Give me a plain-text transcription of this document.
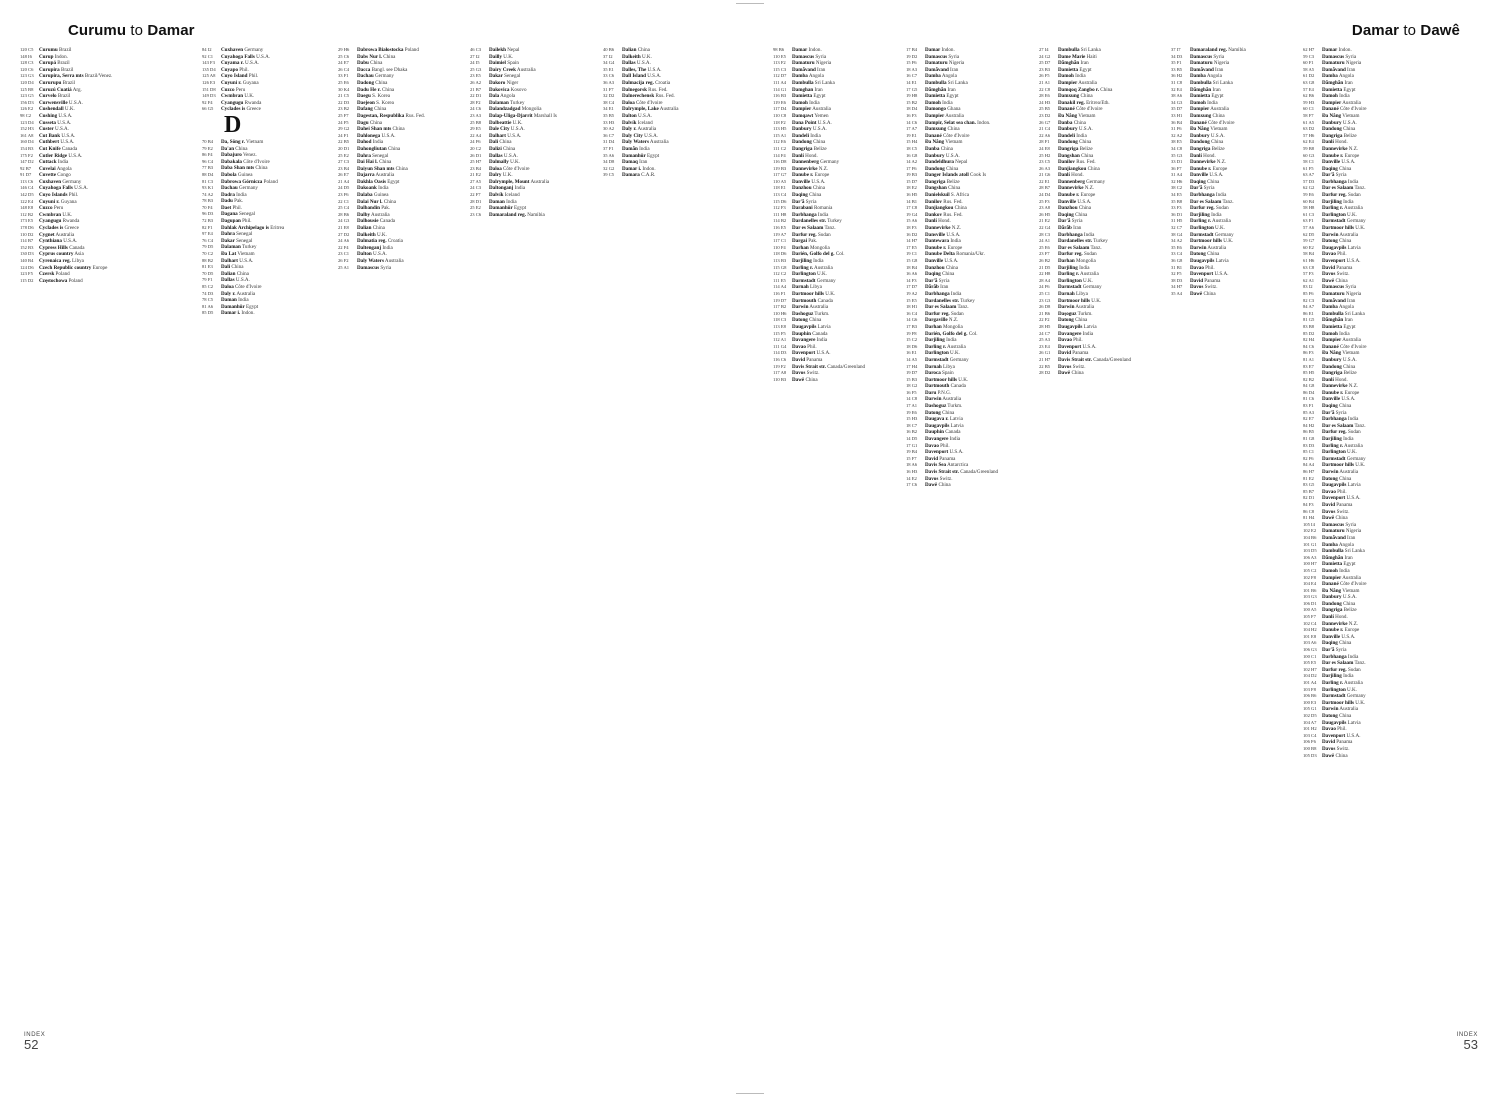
Curumu to Damar
120 C5 Curumu Brazil
148 I6 Curup Indon.
128 C3 Curupá Brazil
120 C6 Curupira Brazil
123 G3 Curupira, Serra mts Brazil/Venez.
120 D4 Cururupu Brazil
125 B8 Curuzú Cuatiá Arg.
123 G5 Curvelo Brazil
156 D3 Curwensville U.S.A.
126 E2 Cushendall U.K.
98 C2 Cushing U.S.A.
123 D4 Cusseta U.S.A.
152 H3 Custer U.S.A.
161 A8 Cut Bank U.S.A.
160 D4 Cuthbert U.S.A.
154 B3 Cut Knife Canada
175 F2 Cutler Ridge U.S.A.
147 D2 Cuttack India
92 B7 Cuvelai Angola
91 D7 Cuvette Congo
113 C6 Cuxhaven Germany
146 C4 Cuyahoga Falls U.S.A.
142 D5 Cuyo Islands Phil.
122 E4 Cuyuni r. Guyana
148 E8 Cuzco Peru
112 B2 Cwmbran U.K.
173 E5 Cyangugu Rwanda
178 D6 Cyclades is Greece
110 D2 Cygnet Australia
114 B7 Cynthiana U.S.A.
152 B3 Cypress Hills Canada
130 D3 Cyprus country Asia
140 B4 Cyrenaica reg. Libya
124 D6 Czech Republic country Europe
123 F5 Czersk Poland
115 D2 Częstochowa Poland
84 I2 Cuxhaven Germany
92 C1 Cuyahoga Falls U.S.A.
143 F3 Cuyama r. U.S.A.
135 D4 Cuyapo Phil.
125 A8 Cuyo Island Phil.
126 E3 Cuyuni r. Guyana
151 D8 Cuzco Peru
149 D3 Cwmbran U.K.
92 F4 Cyangugu Rwanda
66 G5 Cyclades is Greece
D
70 B4 Da, Sông r. Vietnam
79 E2 Da'an China
86 F4 Dabajuro Venez.
96 C4 Dabakala Côte d'Ivoire
77 B3 Daba Shan mts China
88 D4 Dabola Guinea
81 C3 Dabrowa Górnicza Poland
93 K1 Dachau Germany
74 A2 Dadra India
78 B3 Dadu Pak.
70 F4 Daet Phil.
96 D3 Dagana Senegal
72 B3 Dagupan Phil.
82 F1 Dahlak Archipelago is Eritrea
97 E4 Dahra Senegal
76 C4 Dakar Senegal
79 D5 Dalaman Turkey
70 C2 Đa Lat Vietnam
88 B2 Dalhart U.S.A.
81 E3 Dali China
70 D5 Dalian China
79 F1 Dallas U.S.A.
85 C2 Daloa Côte d'Ivoire
74 D3 Daly r. Australia
78 C5 Daman India
81 A6 Damanhûr Egypt
85 D5 Damar i. Indon.
29 H6 Dabrowa Białostocka Poland
25 C6 Dabs Nur l. China
24 E7 Dabu China
26 C4 Dacca Bangl. see Dhaka
33 F1 Dachau Germany
25 E6 Dadong China
30 K4 Dadu He r. China
21 C5 Daegu S. Korea
22 D3 Daejeon S. Korea
23 B2 Dafang China
25 F7 Dagestan, Respublika Rus. Fed.
24 F5 Dagu China
29 G2 Dahei Shan mts China
24 F1 Dahlonega U.S.A.
22 B5 Dahod India
20 D1 Dahongliutan China
25 E2 Dahra Senegal
27 C3 Dai Hai l. China
23 B4 Daiyun Shan mts China
26 E7 Dajarra Australia
21 A4 Dakhla Oasis Egypt
24 D5 Dakoank India
23 F6 Dalaba Guinea
22 C1 Dalai Nur l. China
25 C4 Dalbandin Pak.
28 B6 Dalby Australia
24 G3 Dalhousie Canada
21 E8 Dalian China
27 D2 Dalkeith U.K.
24 A6 Dalmatia reg. Croatia
22 F4 Daltenganj India
23 C1 Dalton U.S.A.
26 F2 Daly Waters Australia
25 A1 Damascus Syria
46 C3 Dailekh Nepal
27 I2 Dailly U.K.
24 I5 Daimiel Spain
25 G3 Dairy Creek Australia
23 E5 Dakar Senegal
26 A2 Dakoro Niger
21 B7 Dakovica Kosovo
22 D1 Dala Angola
28 F2 Dalaman Turkey
24 C6 Dalandzadgad Mongolia
23 A3 Dalap-Uliga-Djarrit Marshall Is
25 B8 Dalbeattie U.K.
29 E5 Dale City U.S.A.
22 A4 Dalhart U.S.A.
24 F6 Dali China
20 C2 Dalizi China
26 D1 Dallas U.S.A.
25 H7 Dalmally U.K.
23 B4 Daloa Côte d'Ivoire
21 E2 Dalry U.K.
27 A5 Dalrymple, Mount Australia
24 C3 Daltonganj India
22 F7 Dalvík Iceland
28 D1 Daman India
25 E2 Damanhûr Egypt
23 C6 Damaraland reg. Namibia
40 B6 Dalian China
37 I2 Dalkeith U.K.
34 G4 Dallas U.S.A.
35 E1 Dalles, The U.S.A.
33 C6 Dall Island U.S.A.
36 A3 Dalmacija reg. Croatia
31 F7 Dalnegorsk Rus. Fed.
32 D2 Dalnerechensk Rus. Fed.
38 C4 Daloa Côte d'Ivoire
34 E1 Dalrymple, Lake Australia
35 B5 Dalton U.S.A.
33 H3 Dalvík Iceland
30 A2 Daly r. Australia
36 C7 Daly City U.S.A.
31 D4 Daly Waters Australia
37 F1 Damān India
35 A6 Damanhûr Egypt
34 D8 Damaq Iran
32 G2 Damar i. Indon.
39 C5 Damara C.A.R.
INDEX
52
Damar to Dawê
98 B6 Damar Indon.
110 E5 Damascus Syria
113 F2 Damaturu Nigeria
115 C3 Damāvand Iran
112 D7 Damba Angola
111 A4 Dambulla Sri Lanka
114 G1 Damghan Iran
116 B3 Damietta Egypt
119 E6 Damoh India
117 D4 Dampier Australia
110 C8 Damqawt Yemen
118 F2 Dana Point U.S.A.
113 H5 Danbury U.S.A.
115 A1 Dandeli India
112 E6 Dandong China
111 C2 Dangriga Belize
114 F4 Danlí Hond.
116 D8 Dannenberg Germany
119 B3 Dannevirke N.Z.
117 G7 Danube r. Europe
110 A5 Danville U.S.A.
118 E1 Danzhou China
113 C4 Daqing China
115 D6 Dar'ā Syria
112 F3 Darabani Romania
111 H8 Darbhanga India
114 B2 Dardanelles str. Turkey
116 E5 Dar es Salaam Tanz.
119 A7 Darfur reg. Sudan
117 C1 Dargai Pak.
110 F4 Darhan Mongolia
118 D6 Darién, Golfo del g. Col.
113 B3 Darjiling India
115 G8 Darling r. Australia
112 C2 Darlington U.K.
111 E5 Darmstadt Germany
114 A4 Darnah Libya
116 F1 Dartmoor hills U.K.
119 D7 Dartmouth Canada
117 B2 Darwin Australia
110 H6 Dashoguz Turkm.
118 C3 Datong China
113 E8 Daugavpils Latvia
115 F5 Dauphin Canada
112 A1 Davangere India
111 G4 Davao Phil.
114 D3 Davenport U.S.A.
116 C6 David Panama
119 F2 Davis Strait str. Canada/Greenland
117 A8 Davos Switz.
110 B3 Dawê China
17 B4 Damar Indon.
19 D2 Damascus Syria
15 F6 Damaturu Nigeria
18 A3 Damāvand Iran
16 C7 Damba Angola
14 E1 Dambulla Sri Lanka
17 G5 Dāmghān Iran
19 H8 Damietta Egypt
15 B2 Damoh India
18 D4 Damongo Ghana
16 F3 Dampier Australia
14 C6 Dampir, Selat sea chan. Indon.
17 A7 Damxung China
19 E1 Danané Côte d'Ivoire
15 H4 Đa Năng Vietnam
18 C5 Danba China
16 G8 Danbury U.S.A.
14 A2 Dandeldhura Nepal
17 F6 Dandong China
19 B3 Danger Islands atoll Cook Is
15 D7 Dangriga Belize
18 E2 Dangshan China
16 H5 Danielskuil S. Africa
14 B1 Danilov Rus. Fed.
17 C8 Danjiangkou China
19 G4 Dankov Rus. Fed.
15 A6 Danlí Hond.
18 F3 Dannevirke N.Z.
16 D2 Dansville U.S.A.
14 H7 Dantewara India
17 E5 Danube r. Europe
19 C1 Danube Delta Romania/Ukr.
15 G8 Danville U.S.A.
18 B4 Danzhou China
16 A6 Daqing China
14 F3 Dar'ā Syria
17 D7 Dārāb Iran
19 A2 Darbhanga India
15 E5 Dardanelles str. Turkey
18 H1 Dar es Salaam Tanz.
16 C4 Darfur reg. Sudan
14 G6 Dargaville N.Z.
17 B3 Darhan Mongolia
19 F8 Darién, Golfo del g. Col.
15 C2 Darjiling India
18 D6 Darling r. Australia
16 E1 Darlington U.K.
14 A5 Darmstadt Germany
17 H4 Darnah Libya
19 D7 Daroca Spain
15 B3 Dartmoor hills U.K.
18 G2 Dartmouth Canada
16 F5 Daru P.N.G.
14 C8 Darwin Australia
17 A1 Dashoguz Turkm.
19 E6 Datong China
15 H3 Daugava r. Latvia
18 C7 Daugavpils Latvia
16 B2 Dauphin Canada
14 D5 Davangere India
17 G1 Davao Phil.
19 B4 Davenport U.S.A.
15 F7 David Panama
18 A6 Davis Sea Antarctica
16 H3 Davis Strait str. Canada/Greenland
14 E2 Davos Switz.
17 C6 Dawê China
27 I4 Dambulla Sri Lanka
24 G2 Dame Marie Haiti
25 D7 Dāmghān Iran
23 B3 Damietta Egypt
26 F5 Damoh India
21 A1 Dampier Australia
22 C8 Damqoq Zangbo r. China
28 E6 Damxung China
24 H3 Danakil reg. Eritrea/Eth.
25 B5 Danané Côte d'Ivoire
23 D2 Đa Năng Vietnam
26 G7 Danba China
21 C4 Danbury U.S.A.
22 A6 Dandeli India
28 F1 Dandong China
24 E8 Dangriga Belize
25 H2 Dangshan China
23 C5 Danilov Rus. Fed.
26 A3 Danjiangkou China
21 G6 Danlí Hond.
22 E1 Dannenberg Germany
28 B7 Dannevirke N.Z.
24 D4 Danube r. Europe
25 F3 Danville U.S.A.
23 A8 Danzhou China
26 H5 Daqing China
21 E2 Dar'ā Syria
22 G4 Dārāb Iran
28 C3 Darbhanga India
24 A1 Dardanelles str. Turkey
25 E6 Dar es Salaam Tanz.
23 F7 Darfur reg. Sudan
26 B2 Darhan Mongolia
21 D5 Darjiling India
22 H8 Darling r. Australia
28 A4 Darlington U.K.
24 F6 Darmstadt Germany
25 C1 Darnah Libya
23 G3 Dartmoor hills U.K.
26 D8 Darwin Australia
21 B6 Daşoguz Turkm.
22 F2 Datong China
28 H5 Daugavpils Latvia
24 C7 Davangere India
25 A3 Davao Phil.
23 E4 Davenport U.S.A.
26 G1 David Panama
21 H7 Davis Strait str. Canada/Greenland
22 B5 Davos Switz.
28 D2 Dawê China
37 I7 Damaraland reg. Namibia
34 D3 Damascus Syria
35 F1 Damaturu Nigeria
33 B5 Damāvand Iran
36 H2 Damba Angola
31 C8 Dambulla Sri Lanka
32 E4 Dāmghān Iran
38 A6 Damietta Egypt
34 G3 Damoh India
35 D7 Dampier Australia
33 H1 Damxung China
36 B4 Danané Côte d'Ivoire
31 F6 Đa Năng Vietnam
32 A2 Danbury U.S.A.
38 E5 Dandong China
34 C8 Dangriga Belize
35 G3 Danlí Hond.
33 D1 Dannevirke N.Z.
36 F7 Danube r. Europe
31 A4 Danville U.S.A.
32 H6 Daqing China
38 C2 Dar'ā Syria
34 E5 Darbhanga India
35 B8 Dar es Salaam Tanz.
33 F3 Darfur reg. Sudan
36 D1 Darjiling India
31 H5 Darling r. Australia
32 C7 Darlington U.K.
38 G4 Darmstadt Germany
34 A2 Dartmoor hills U.K.
35 E6 Darwin Australia
33 C4 Datong China
36 G8 Daugavpils Latvia
31 B1 Davao Phil.
32 F5 Davenport U.S.A.
38 D3 David Panama
34 H7 Davos Switz.
35 A4 Dawê China
62 H7 Damar Indon.
59 C3 Damascus Syria
60 F1 Damaturu Nigeria
58 A5 Damāvand Iran
61 D2 Damba Angola
63 G8 Dāmghān Iran
57 E4 Damietta Egypt
62 B6 Damoh India
59 H3 Dampier Australia
60 C1 Danané Côte d'Ivoire
58 F7 Đa Năng Vietnam
61 A5 Danbury U.S.A.
63 D2 Dandong China
57 H6 Dangriga Belize
62 E4 Danlí Hond.
59 B8 Dannevirke N.Z.
60 G3 Danube r. Europe
58 C1 Danville U.S.A.
61 F5 Daqing China
63 A7 Dar'ā Syria
57 D3 Darbhanga India
62 G2 Dar es Salaam Tanz.
59 E6 Darfur reg. Sudan
60 B4 Darjiling India
58 H8 Darling r. Australia
61 C3 Darlington U.K.
63 F1 Darmstadt Germany
57 A6 Dartmoor hills U.K.
62 D5 Darwin Australia
59 G7 Datong China
60 E2 Daugavpils Latvia
58 B4 Davao Phil.
61 H6 Davenport U.S.A.
63 C8 David Panama
57 F3 Davos Switz.
62 A1 Dawê China
83 I2 Damascus Syria
85 F6 Damaturu Nigeria
82 C3 Damāvand Iran
84 A7 Damba Angola
86 E1 Dambulla Sri Lanka
81 G5 Dāmghān Iran
83 B8 Damietta Egypt
85 D2 Damoh India
82 H4 Dampier Australia
84 C6 Danané Côte d'Ivoire
86 F3 Đa Năng Vietnam
81 A1 Danbury U.S.A.
83 E7 Dandong China
85 H5 Dangriga Belize
82 B2 Danlí Hond.
84 G8 Dannevirke N.Z.
86 D4 Danube r. Europe
81 C6 Danville U.S.A.
83 F1 Daqing China
85 A3 Dar'ā Syria
82 E7 Darbhanga India
84 H2 Dar es Salaam Tanz.
86 B5 Darfur reg. Sudan
81 G8 Darjiling India
83 D3 Darling r. Australia
85 C1 Darlington U.K.
82 F6 Darmstadt Germany
84 A4 Dartmoor hills U.K.
86 H7 Darwin Australia
81 E2 Datong China
83 G5 Daugavpils Latvia
85 B7 Davao Phil.
82 D1 Davenport U.S.A.
84 F3 David Panama
86 C8 Davos Switz.
81 H4 Dawê China
105 I4 Damascus Syria
102 E2 Damaturu Nigeria
104 B6 Damāvand Iran
101 G1 Damba Angola
103 D5 Dambulla Sri Lanka
106 A3 Dāmghān Iran
100 H7 Damietta Egypt
105 C2 Damoh India
102 F8 Dampier Australia
104 E4 Danané Côte d'Ivoire
101 B6 Đa Năng Vietnam
103 G3 Danbury U.S.A.
106 D1 Dandong China
100 A5 Dangriga Belize
105 F7 Danlí Hond.
102 C4 Dannevirke N.Z.
104 H2 Danube r. Europe
101 E8 Danville U.S.A.
103 A6 Daqing China
106 G3 Dar'ā Syria
100 C1 Darbhanga India
105 E5 Dar es Salaam Tanz.
102 H7 Darfur reg. Sudan
104 D2 Darjiling India
101 A4 Darling r. Australia
103 F8 Darlington U.K.
106 B6 Darmstadt Germany
100 E3 Dartmoor hills U.K.
105 G1 Darwin Australia
102 D5 Datong China
104 A7 Daugavpils Latvia
101 H2 Davao Phil.
103 C4 Davenport U.S.A.
106 F6 David Panama
100 B8 Davos Switz.
105 D3 Dawê China
INDEX
53
